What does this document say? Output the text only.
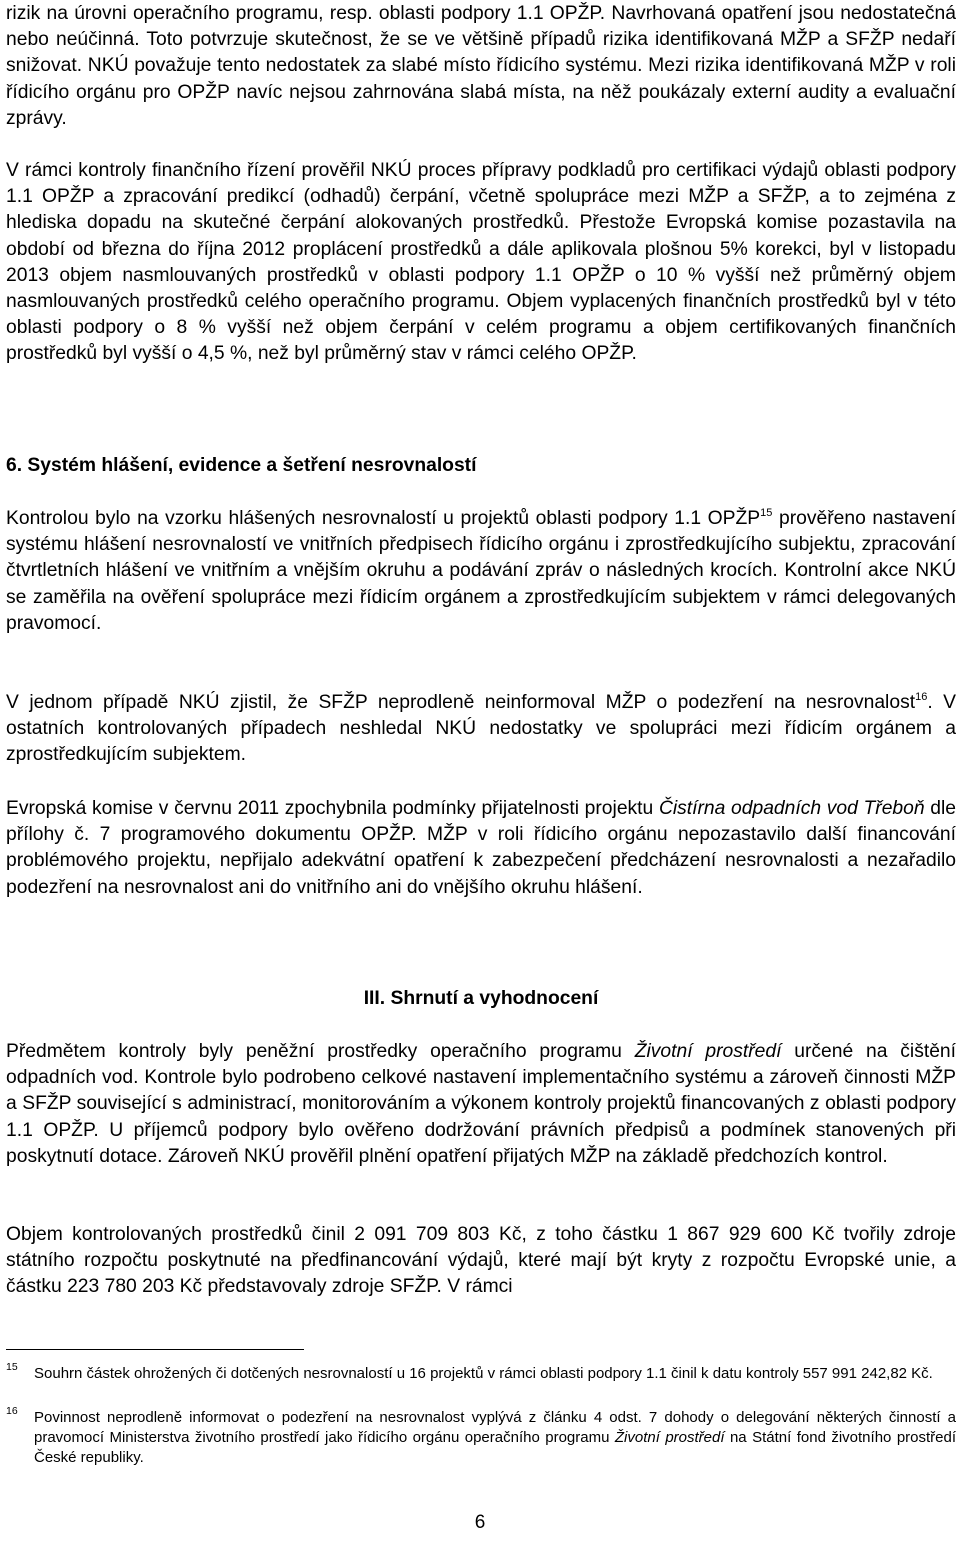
rizik na úrovni operačního programu, resp. oblasti podpory 1.1 OPŽP. Navrhovaná opatření jsou nedostatečná nebo neúčinná. Toto potvrzuje skutečnost, že se ve většině případů rizika identifikovaná MŽP a SFŽP nedaří snižovat. NKÚ považuje tento nedostatek za slabé místo řídicího systému. Mezi rizika identifikovaná MŽP v roli řídicího orgánu pro OPŽP navíc nejsou zahrnována slabá místa, na něž poukázaly externí audity a evaluační zprávy.

V rámci kontroly finančního řízení prověřil NKÚ proces přípravy podkladů pro certifikaci výdajů oblasti podpory 1.1 OPŽP a zpracování predikcí (odhadů) čerpání, včetně spolupráce mezi MŽP a SFŽP, a to zejména z hlediska dopadu na skutečné čerpání alokovaných prostředků. Přestože Evropská komise pozastavila na období od března do října 2012 proplácení prostředků a dále aplikovala plošnou 5% korekci, byl v listopadu 2013 objem nasmlouvaných prostředků v oblasti podpory 1.1 OPŽP o 10 % vyšší než průměrný objem nasmlouvaných prostředků celého operačního programu. Objem vyplacených finančních prostředků byl v této oblasti podpory o 8 % vyšší než objem čerpání v celém programu a objem certifikovaných finančních prostředků byl vyšší o 4,5 %, než byl průměrný stav v rámci celého OPŽP.

6. Systém hlášení, evidence a šetření nesrovnalostí

Kontrolou bylo na vzorku hlášených nesrovnalostí u projektů oblasti podpory 1.1 OPŽP$^{15}$ prověřeno nastavení systému hlášení nesrovnalostí ve vnitřních předpisech řídicího orgánu i zprostředkujícího subjektu, zpracování čtvrtletních hlášení ve vnitřním a vnějším okruhu a podávání zpráv o následných krocích. Kontrolní akce NKÚ se zaměřila na ověření spolupráce mezi řídicím orgánem a zprostředkujícím subjektem v rámci delegovaných pravomocí.

V jednom případě NKÚ zjistil, že SFŽP neprodleně neinformoval MŽP o podezření na nesrovnalost$^{16}$. V ostatních kontrolovaných případech neshledal NKÚ nedostatky ve spolupráci mezi řídicím orgánem a zprostředkujícím subjektem.

Evropská komise v červnu 2011 zpochybnila podmínky přijatelnosti projektu Čistírna odpadních vod Třeboň dle přílohy č. 7 programového dokumentu OPŽP. MŽP v roli řídicího orgánu nepozastavilo další financování problémového projektu, nepřijalo adekvátní opatření k zabezpečení předcházení nesrovnalosti a nezařadilo podezření na nesrovnalost ani do vnitřního ani do vnějšího okruhu hlášení.

III. Shrnutí a vyhodnocení

Předmětem kontroly byly peněžní prostředky operačního programu Životní prostředí určené na čištění odpadních vod. Kontrole bylo podrobeno celkové nastavení implementačního systému a zároveň činnosti MŽP a SFŽP související s administrací, monitorováním a výkonem kontroly projektů financovaných z oblasti podpory 1.1 OPŽP. U příjemců podpory bylo ověřeno dodržování právních předpisů a podmínek stanovených při poskytnutí dotace. Zároveň NKÚ prověřil plnění opatření přijatých MŽP na základě předchozích kontrol.

Objem kontrolovaných prostředků činil 2 091 709 803 Kč, z toho částku 1 867 929 600 Kč tvořily zdroje státního rozpočtu poskytnuté na předfinancování výdajů, které mají být kryty z rozpočtu Evropské unie, a částku 223 780 203 Kč představovaly zdroje SFŽP. V rámci

15 Souhrn částek ohrožených či dotčených nesrovnalostí u 16 projektů v rámci oblasti podpory 1.1 činil k datu kontroly 557 991 242,82 Kč.
16 Povinnost neprodleně informovat o podezření na nesrovnalost vyplývá z článku 4 odst. 7 dohody o delegování některých činností a pravomocí Ministerstva životního prostředí jako řídicího orgánu operačního programu Životní prostředí na Státní fond životního prostředí České republiky.
6
